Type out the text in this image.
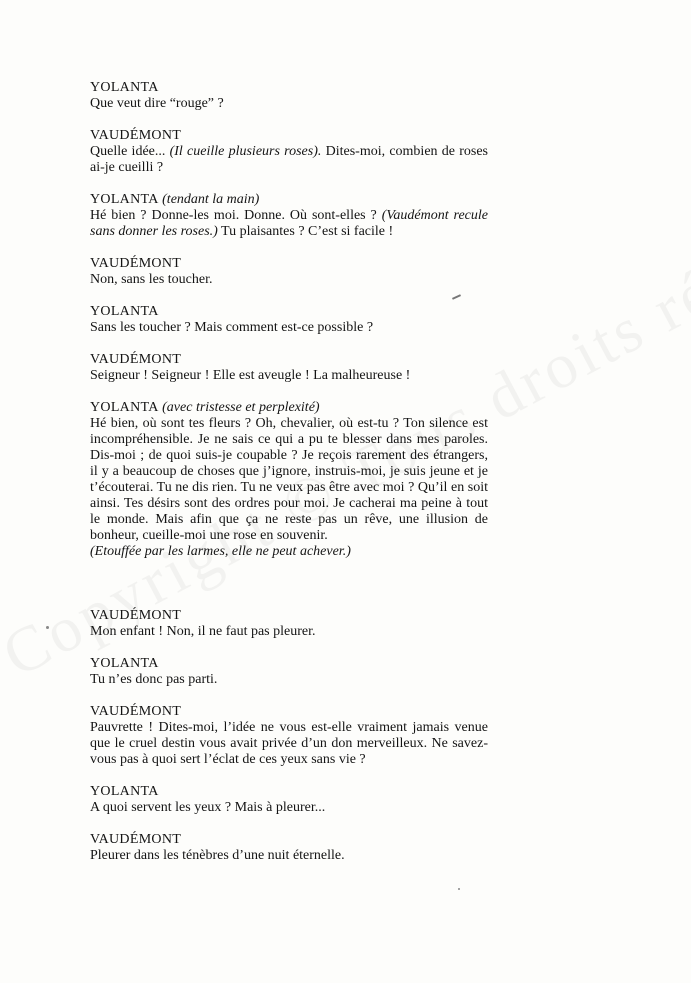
YOLANTA
Que veut dire “rouge” ?
VAUDÉMONT
Quelle idée... (Il cueille plusieurs roses). Dites-moi, combien de roses ai-je cueilli ?
YOLANTA (tendant la main)
Hé bien ? Donne-les moi. Donne. Où sont-elles ? (Vaudémont recule sans donner les roses.) Tu plaisantes ? C’est si facile !
VAUDÉMONT
Non, sans les toucher.
YOLANTA
Sans les toucher ? Mais comment est-ce possible ?
VAUDÉMONT
Seigneur ! Seigneur ! Elle est aveugle ! La malheureuse !
YOLANTA (avec tristesse et perplexité)
Hé bien, où sont tes fleurs ? Oh, chevalier, où est-tu ? Ton silence est incompréhensible. Je ne sais ce qui a pu te blesser dans mes paroles. Dis-moi ; de quoi suis-je coupable ? Je reçois rarement des étrangers, il y a beaucoup de choses que j’ignore, instruis-moi, je suis jeune et je t’écouterai. Tu ne dis rien. Tu ne veux pas être avec moi ? Qu’il en soit ainsi. Tes désirs sont des ordres pour moi. Je cacherai ma peine à tout le monde. Mais afin que ça ne reste pas un rêve, une illusion de bonheur, cueille-moi une rose en souvenir.
(Etouffée par les larmes, elle ne peut achever.)
VAUDÉMONT
Mon enfant ! Non, il ne faut pas pleurer.
YOLANTA
Tu n’es donc pas parti.
VAUDÉMONT
Pauvrette ! Dites-moi, l’idée ne vous est-elle vraiment jamais venue que le cruel destin vous avait privée d’un don merveilleux. Ne savez-vous pas à quoi sert l’éclat de ces yeux sans vie ?
YOLANTA
A quoi servent les yeux ? Mais à pleurer...
VAUDÉMONT
Pleurer dans les ténèbres d’une nuit éternelle.
